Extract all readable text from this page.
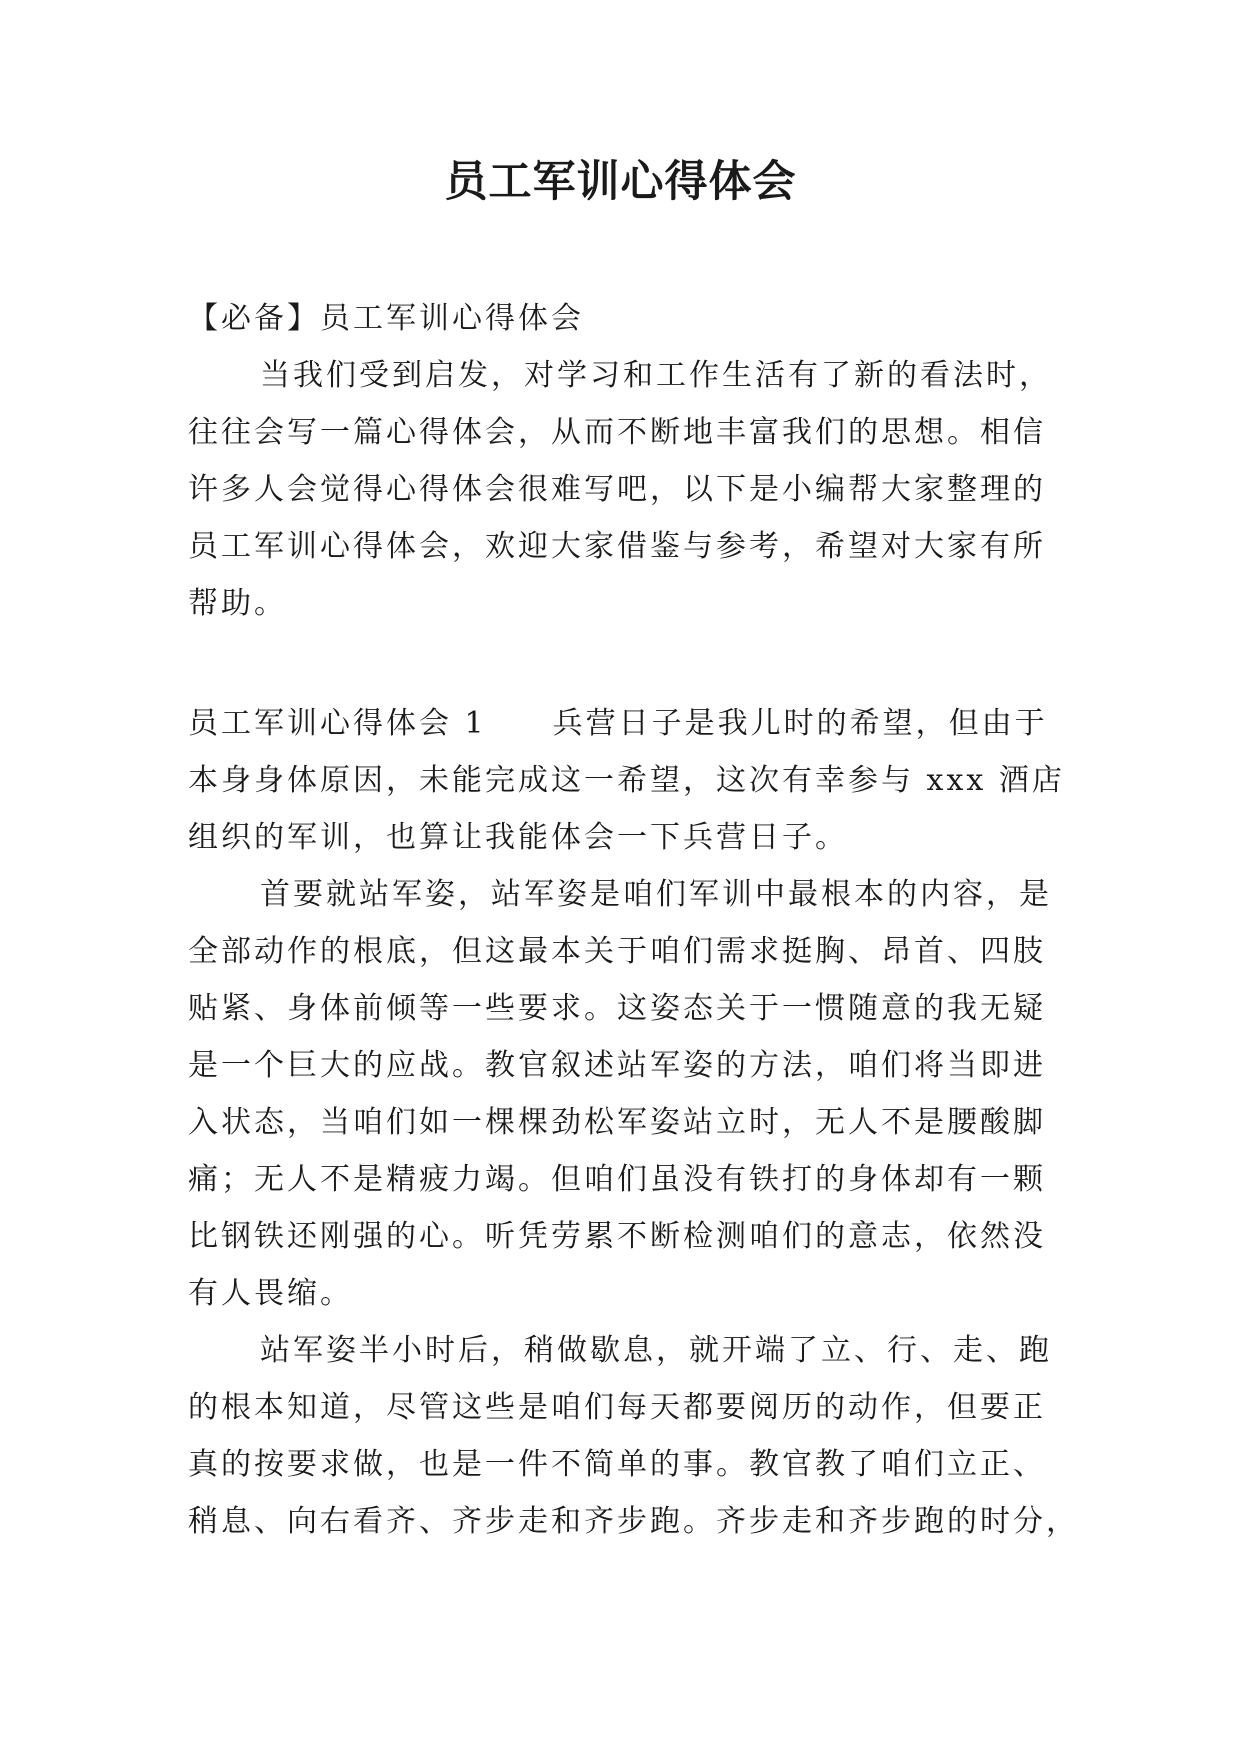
员工军训心得体会
【必备】员工军训心得体会
当我们受到启发，对学习和工作生活有了新的看法时，
往往会写一篇心得体会，从而不断地丰富我们的思想。相信
许多人会觉得心得体会很难写吧，以下是小编帮大家整理的
员工军训心得体会，欢迎大家借鉴与参考，希望对大家有所
帮助。
员工军训心得体会 1　　兵营日子是我儿时的希望，但由于
本身身体原因，未能完成这一希望，这次有幸参与 xxx 酒店
组织的军训，也算让我能体会一下兵营日子。
首要就站军姿，站军姿是咱们军训中最根本的内容，是
全部动作的根底，但这最本关于咱们需求挺胸、昂首、四肢
贴紧、身体前倾等一些要求。这姿态关于一惯随意的我无疑
是一个巨大的应战。教官叙述站军姿的方法，咱们将当即进
入状态，当咱们如一棵棵劲松军姿站立时，无人不是腰酸脚
痛；无人不是精疲力竭。但咱们虽没有铁打的身体却有一颗
比钢铁还刚强的心。听凭劳累不断检测咱们的意志，依然没
有人畏缩。
站军姿半小时后，稍做歇息，就开端了立、行、走、跑
的根本知道，尽管这些是咱们每天都要阅历的动作，但要正
真的按要求做，也是一件不简单的事。教官教了咱们立正、
稍息、向右看齐、齐步走和齐步跑。齐步走和齐步跑的时分，
